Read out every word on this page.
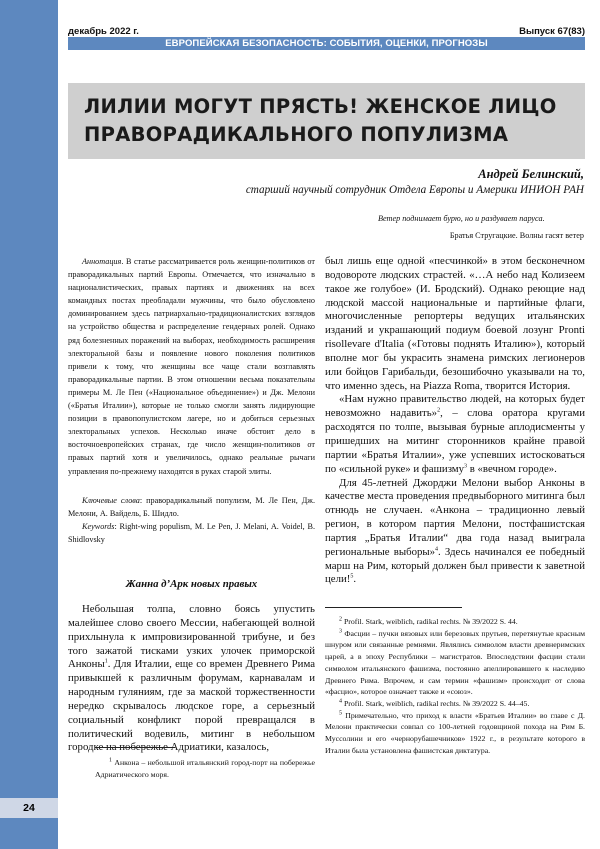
24
декабрь 2022 г.	Выпуск 67(83)
ЕВРОПЕЙСКАЯ БЕЗОПАСНОСТЬ: СОБЫТИЯ, ОЦЕНКИ, ПРОГНОЗЫ
ЛИЛИИ МОГУТ ПРЯСТЬ! ЖЕНСКОЕ ЛИЦО
ПРАВОРАДИКАЛЬНОГО ПОПУЛИЗМА
Андрей Белинский,
старший научный сотрудник Отдела Европы и Америки ИНИОН РАН
Ветер поднимает бурю, но и раздувает паруса.
Братья Стругацкие. Волны гасят ветер

Аннотация. В статье рассматривается роль женщин-политиков от праворадикальных партий Европы. Отмечается, что изначально в националистических, правых партиях и движениях на всех командных постах преобладали мужчины, что было обусловлено доминированием здесь патриархально-традиционалистских взглядов на устройство общества и распределение гендерных ролей. Однако ряд болезненных поражений на выборах, необходимость расширения электоральной базы и появление нового поколения политиков привели к тому, что женщины все чаще стали возглавлять праворадикальные партии. В этом отношении весьма показательны примеры М. Ле Пен («Национальное объединение») и Дж. Мелони («Братья Италии»), которые не только смогли занять лидирующие позиции в правопопулистском лагере, но и добиться серьезных электоральных успехов. Несколько иначе обстоит дело в восточноевропейских странах, где число женщин-политиков от правых партий хотя и увеличилось, однако реальные рычаги управления по-прежнему находятся в руках старой элиты.

Ключевые слова: праворадикальный популизм, М. Ле Пен, Дж. Мелони, А. Вайдель, Б. Шидло.

Keywords: Right-wing populism, M. Le Pen, J. Melani, A. Voidel, B. Shidlovsky

Жанна д’Арк новых правых

Небольшая толпа, словно боясь упустить малейшее слово своего Мессии, набегающей волной прихлынула к импровизированной трибуне, и без того зажатой тисками узких улочек приморской Анконы$^1$. Для Италии, еще со времен Древнего Рима привыкшей к различным форумам, карнавалам и народным гуляниям, где за маской торжественности нередко скрывалось людское горе, а серьезный социальный конфликт порой превращался в политический водевиль, митинг в небольшом городке на побережье Адриатики, казалось,

$^1$ Анкона – небольшой итальянский город-порт на побережье Адриатического моря.

был лишь еще одной «песчинкой» в этом бесконечном водовороте людских страстей. «…А небо над Колизеем такое же голубое» (И. Бродский). Однако реющие над людской массой национальные и партийные флаги, многочисленные репортеры ведущих итальянских изданий и украшающий подиум боевой лозунг Pronti risollevare d'Italia («Готовы поднять Италию»), который вполне мог бы украсить знамена римских легионеров или бойцов Гарибальди, безошибочно указывали на то, что именно здесь, на Piazza Roma, творится История.

«Нам нужно правительство людей, на которых будет невозможно надавить»$^2$, – слова оратора кругами расходятся по толпе, вызывая бурные аплодисменты у пришедших на митинг сторонников крайне правой партии «Братья Италии», уже успевших истосковаться по «сильной руке» и фашизму$^3$ в «вечном городе».

Для 45-летней Джорджи Мелони выбор Анконы в качестве места проведения предвыборного митинга был отнюдь не случаен. «Анкона – традиционно левый регион, в котором партия Мелони, постфашистская партия „Братья Италии“ два года назад выиграла региональные выборы»$^4$. Здесь начинался ее победный марш на Рим, который должен был привести к заветной цели!$^5$.

$^2$ Profil. Stark, weiblich, radikal rechts. № 39/2022 S. 44.

$^3$ Фасции – пучки вязовых или березовых прутьев, перетянутые красным шнуром или связанные ремнями. Являлись символом власти древнеримских царей, а в эпоху Республики – магистратов. Впоследствии фасции стали символом итальянского фашизма, постоянно апеллировавшего к наследию Древнего Рима. Впрочем, и сам термин «фашизм» происходит от слова «фасцио», которое означает также и «союз».

$^4$ Profil. Stark, weiblich, radikal rechts. № 39/2022 S. 44–45.

$^5$ Примечательно, что приход к власти «Братьев Италии» во главе с Д. Мелони практически совпал со 100-летней годовщиной похода на Рим Б. Муссолини и его «чернорубашечников» 1922 г., в результате которого в Италии была установлена фашистская диктатура.
